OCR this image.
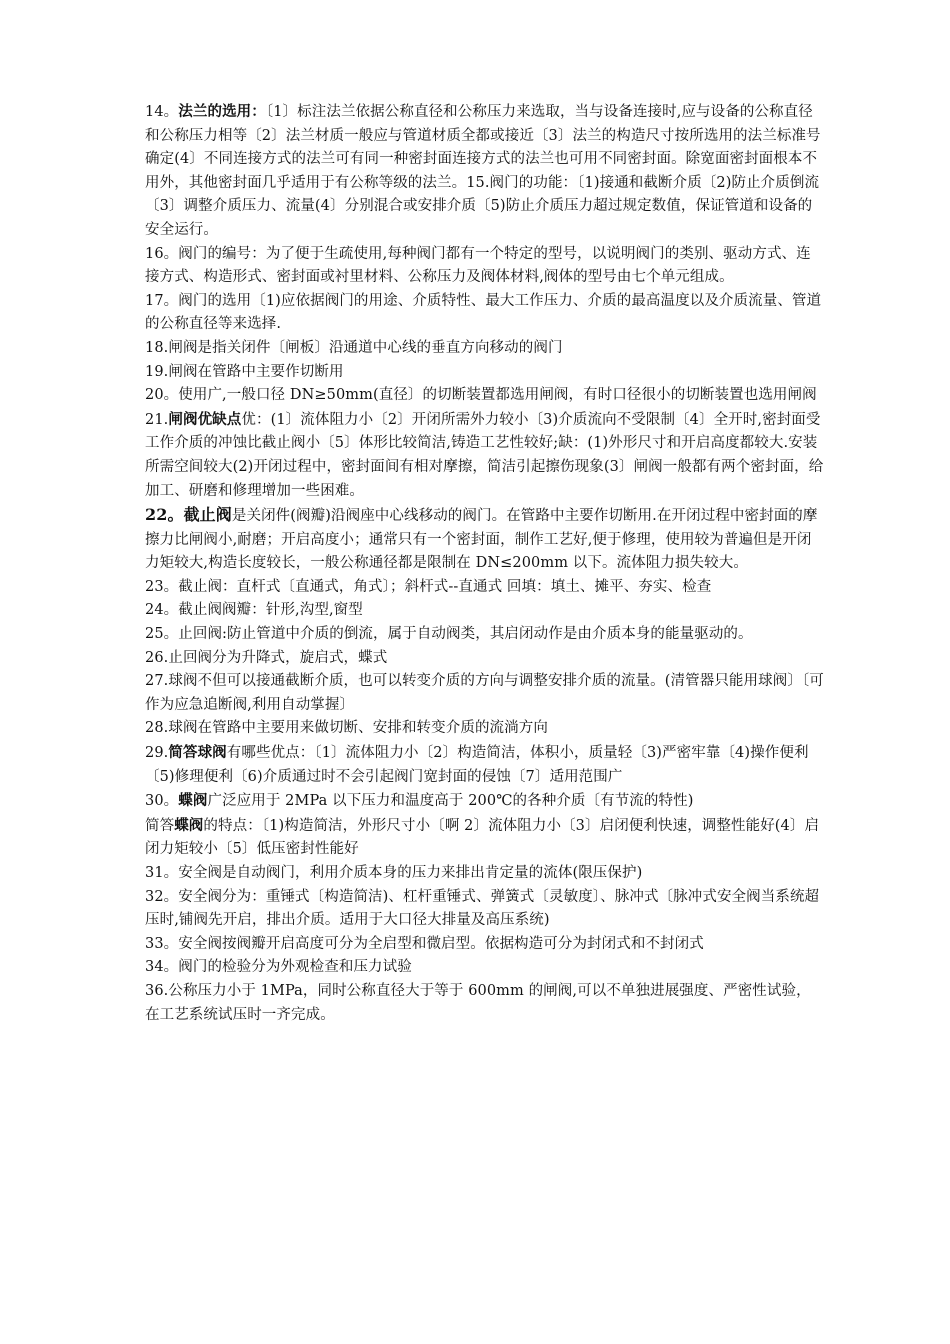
14。法兰的选用：〔1〕标注法兰依据公称直径和公称压力来选取，当与设备连接时,应与设备的公称直径和公称压力相等〔2〕法兰材质一般应与管道材质全都或接近〔3〕法兰的构造尺寸按所选用的法兰标准号确定(4〕不同连接方式的法兰可有同一种密封面连接方式的法兰也可用不同密封面。除宽面密封面根本不用外，其他密封面几乎适用于有公称等级的法兰。15.阀门的功能：〔1)接通和截断介质〔2)防止介质倒流〔3〕调整介质压力、流量(4〕分别混合或安排介质〔5)防止介质压力超过规定数值，保证管道和设备的安全运行。

16。阀门的编号：为了便于生疏使用,每种阀门都有一个特定的型号，以说明阀门的类别、驱动方式、连接方式、构造形式、密封面或衬里材料、公称压力及阀体材料,阀体的型号由七个单元组成。

17。阀门的选用〔1)应依据阀门的用途、介质特性、最大工作压力、介质的最高温度以及介质流量、管道的公称直径等来选择.

18.闸阀是指关闭件〔闸板〕沿通道中心线的垂直方向移动的阀门

19.闸阀在管路中主要作切断用

20。使用广,一般口径 DN≥50mm(直径〕的切断装置都选用闸阀，有时口径很小的切断装置也选用闸阀

21.闸阀优缺点优：(1〕流体阻力小〔2〕开闭所需外力较小〔3)介质流向不受限制〔4〕全开时,密封面受工作介质的冲蚀比截止阀小〔5〕体形比较简洁,铸造工艺性较好;缺：(1)外形尺寸和开启高度都较大.安装所需空间较大(2)开闭过程中，密封面间有相对摩擦，简洁引起擦伤现象(3〕闸阀一般都有两个密封面，给加工、研磨和修理增加一些困难。

22。截止阀是关闭件(阀瓣)沿阀座中心线移动的阀门。在管路中主要作切断用.在开闭过程中密封面的摩擦力比闸阀小,耐磨；开启高度小；通常只有一个密封面，制作工艺好,便于修理，使用较为普遍但是开闭力矩较大,构造长度较长，一般公称通径都是限制在 DN≤200mm 以下。流体阻力损失较大。

23。截止阀：直杆式〔直通式，角式〕；斜杆式--直通式 回填：填土、摊平、夯实、检查

24。截止阀阀瓣：针形,沟型,窗型

25。止回阀:防止管道中介质的倒流，属于自动阀类，其启闭动作是由介质本身的能量驱动的。

26.止回阀分为升降式，旋启式，蝶式

27.球阀不但可以接通截断介质，也可以转变介质的方向与调整安排介质的流量。(清管器只能用球阀〕〔可作为应急追断阀,利用自动掌握〕

28.球阀在管路中主要用来做切断、安排和转变介质的流淌方向

29.简答球阀有哪些优点：〔1〕流体阻力小〔2〕构造简洁，体积小，质量轻〔3)严密牢靠〔4)操作便利〔5)修理便利〔6)介质通过时不会引起阀门宽封面的侵蚀〔7〕适用范围广

30。蝶阀广泛应用于 2MPa 以下压力和温度高于 200℃的各种介质〔有节流的特性)

简答蝶阀的特点：〔1)构造简洁，外形尺寸小〔啊 2〕流体阻力小〔3〕启闭便利快速，调整性能好(4〕启闭力矩较小〔5〕低压密封性能好

31。安全阀是自动阀门，利用介质本身的压力来排出肯定量的流体(限压保护)

32。安全阀分为：重锤式〔构造简洁)、杠杆重锤式、弹簧式〔灵敏度〕、脉冲式〔脉冲式安全阀当系统超压时,铺阀先开启，排出介质。适用于大口径大排量及高压系统)

33。安全阀按阀瓣开启高度可分为全启型和微启型。依据构造可分为封闭式和不封闭式

34。阀门的检验分为外观检查和压力试验

36.公称压力小于 1MPa，同时公称直径大于等于 600mm 的闸阀,可以不单独进展强度、严密性试验，在工艺系统试压时一齐完成。
